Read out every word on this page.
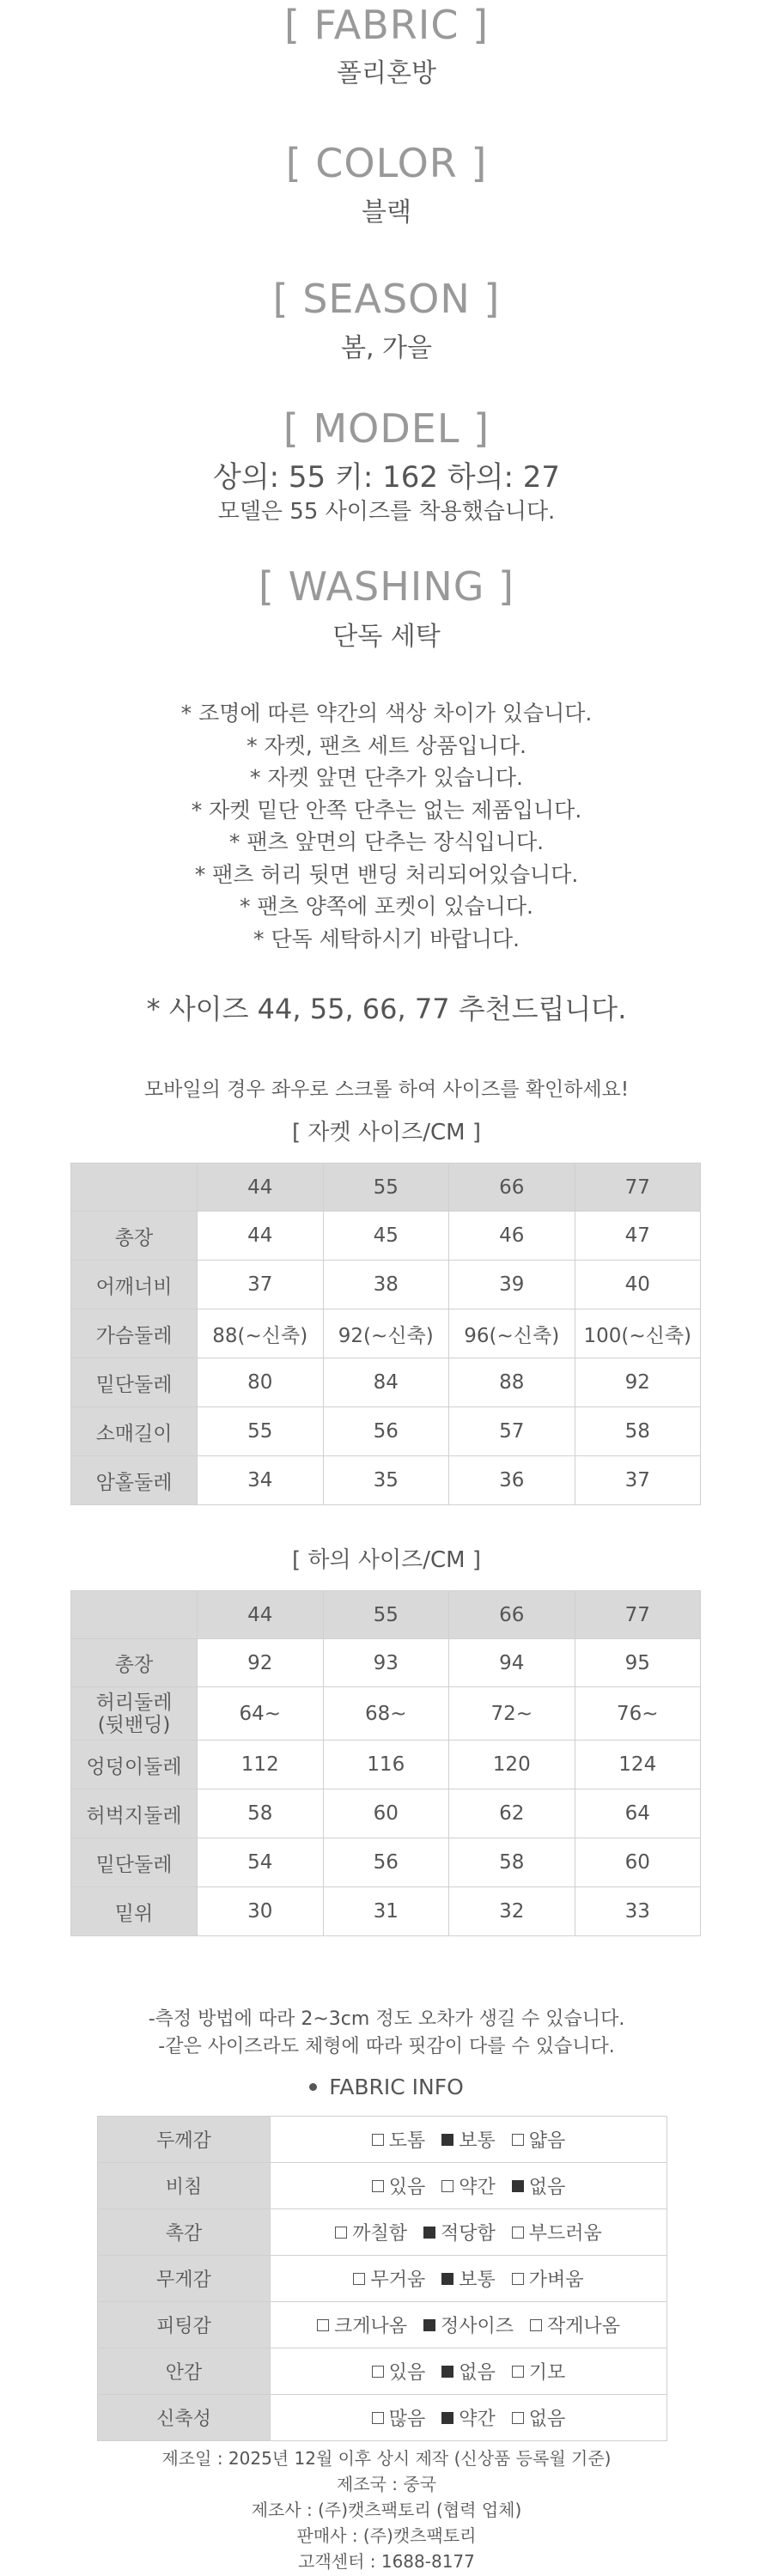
[ FABRIC ]
폴리혼방
[ COLOR ]
블랙
[ SEASON ]
봄, 가을
[ MODEL ]
상의: 55 키: 162 하의: 27
모델은 55 사이즈를 착용했습니다.
[ WASHING ]
단독 세탁
* 조명에 따른 약간의 색상 차이가 있습니다.
* 자켓, 팬츠 세트 상품입니다.
* 자켓 앞면 단추가 있습니다.
* 자켓 밑단 안쪽 단추는 없는 제품입니다.
* 팬츠 앞면의 단추는 장식입니다.
* 팬츠 허리 뒷면 밴딩 처리되어있습니다.
* 팬츠 양쪽에 포켓이 있습니다.
* 단독 세탁하시기 바랍니다.
* 사이즈 44, 55, 66, 77 추천드립니다.
모바일의 경우 좌우로 스크롤 하여 사이즈를 확인하세요!
[ 자켓 사이즈/CM ]
	44	55	66	77
총장	44	45	46	47
어깨너비	37	38	39	40
가슴둘레	88(~신축)	92(~신축)	96(~신축)	100(~신축)
밑단둘레	80	84	88	92
소매길이	55	56	57	58
암홀둘레	34	35	36	37
[ 하의 사이즈/CM ]
	44	55	66	77
총장	92	93	94	95
허리둘레
(뒷밴딩)	64~	68~	72~	76~
엉덩이둘레	112	116	120	124
허벅지둘레	58	60	62	64
밑단둘레	54	56	58	60
밑위	30	31	32	33
-측정 방법에 따라 2~3cm 정도 오차가 생길 수 있습니다.
-같은 사이즈라도 체형에 따라 핏감이 다를 수 있습니다.
FABRIC INFO
두께감	도톰 보통 얇음
비침	있음 약간 없음
촉감	까칠함 적당함 부드러움
무게감	무거움 보통 가벼움
피팅감	크게나옴 정사이즈 작게나옴
안감	있음 없음 기모
신축성	많음 약간 없음
제조일 : 2025년 12월 이후 상시 제작 (신상품 등록월 기준)
제조국 : 중국
제조사 : (주)캣츠팩토리 (협력 업체)
판매사 : (주)캣츠팩토리
고객센터 : 1688-8177
